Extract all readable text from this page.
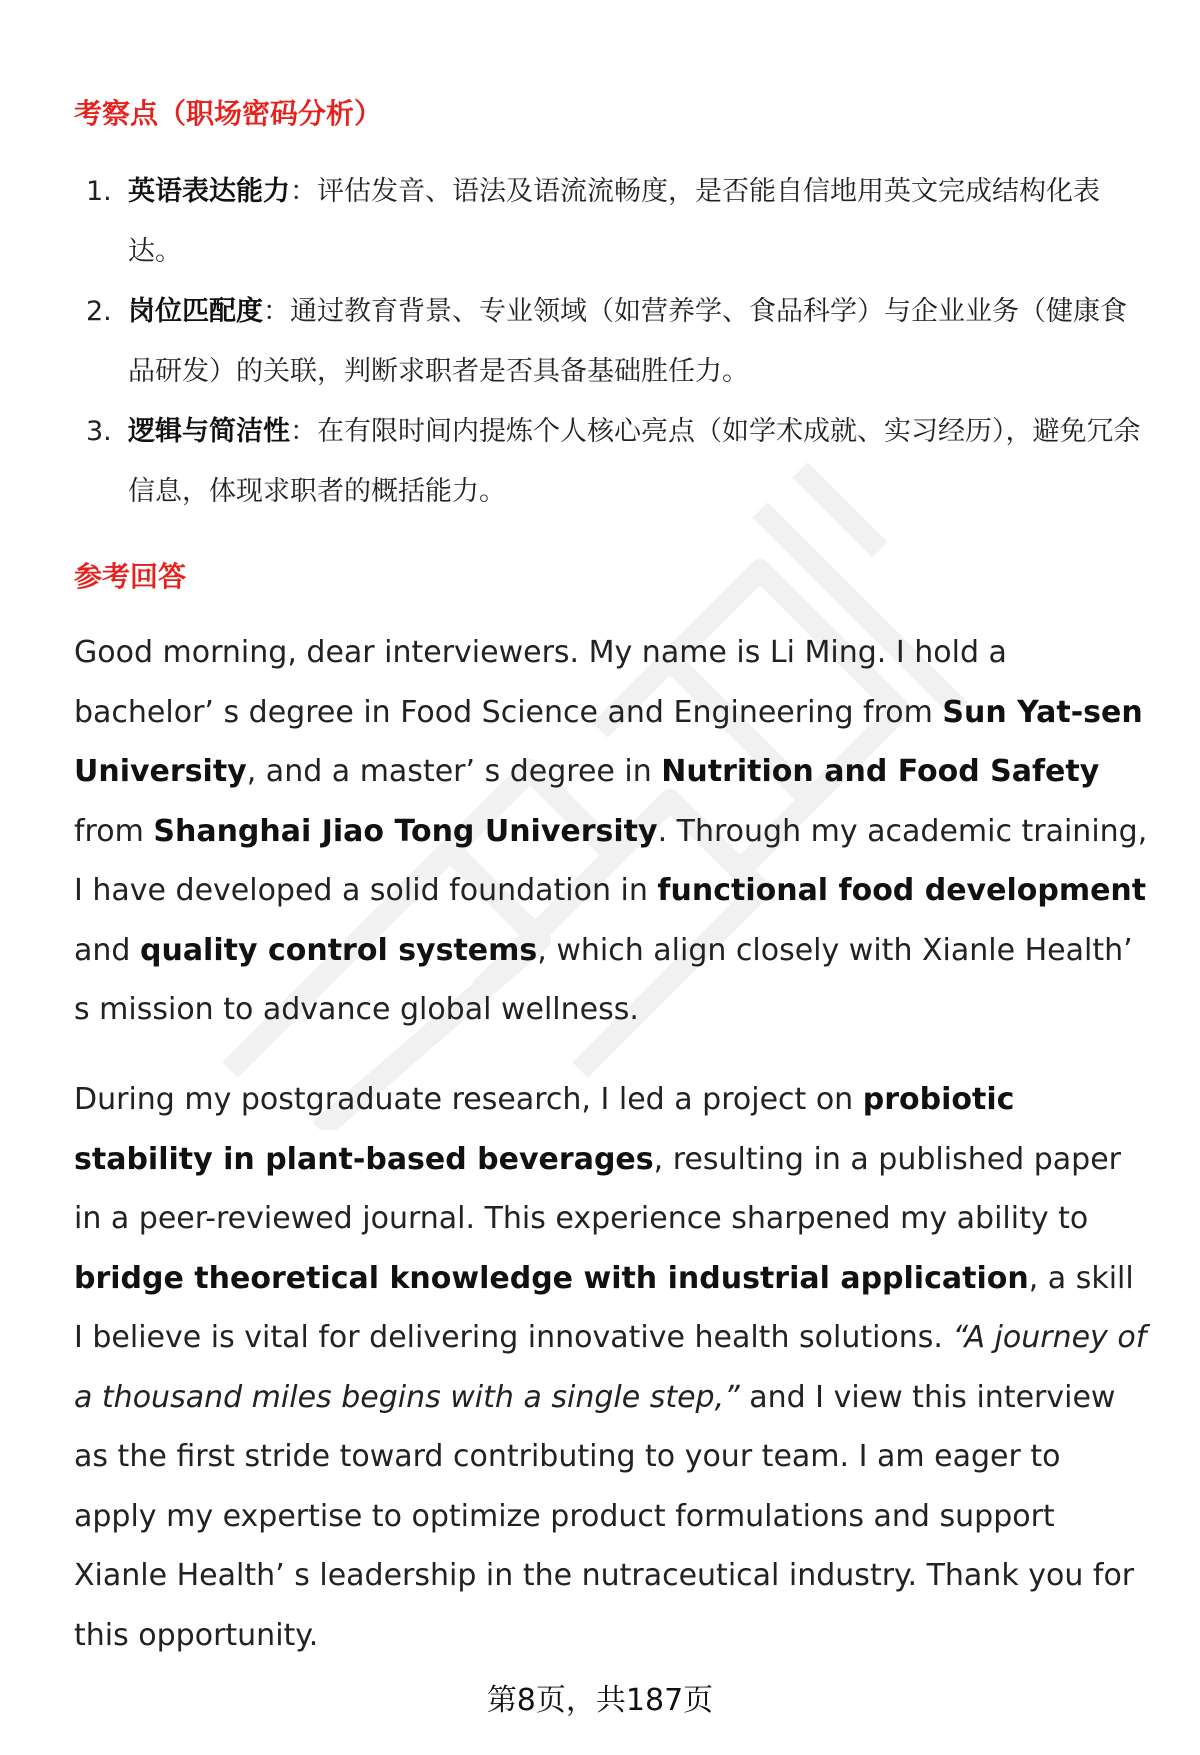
考察点（职场密码分析）
1. 英语表达能力：评估发音、语法及语流流畅度，是否能自信地用英文完成结构化表达。
2. 岗位匹配度：通过教育背景、专业领域（如营养学、食品科学）与企业业务（健康食品研发）的关联，判断求职者是否具备基础胜任力。
3. 逻辑与简洁性：在有限时间内提炼个人核心亮点（如学术成就、实习经历），避免冗余信息，体现求职者的概括能力。
参考回答

Good morning, dear interviewers. My name is Li Ming. I hold a bachelor’ s degree in Food Science and Engineering from Sun Yat-sen University, and a master’ s degree in Nutrition and Food Safety from Shanghai Jiao Tong University. Through my academic training, I have developed a solid foundation in functional food development and quality control systems, which align closely with Xianle Health’ s mission to advance global wellness.

During my postgraduate research, I led a project on probiotic stability in plant-based beverages, resulting in a published paper in a peer-reviewed journal. This experience sharpened my ability to bridge theoretical knowledge with industrial application, a skill I believe is vital for delivering innovative health solutions. “A journey of a thousand miles begins with a single step,” and I view this interview as the first stride toward contributing to your team. I am eager to apply my expertise to optimize product formulations and support Xianle Health’ s leadership in the nutraceutical industry. Thank you for this opportunity.

第8页，共187页
